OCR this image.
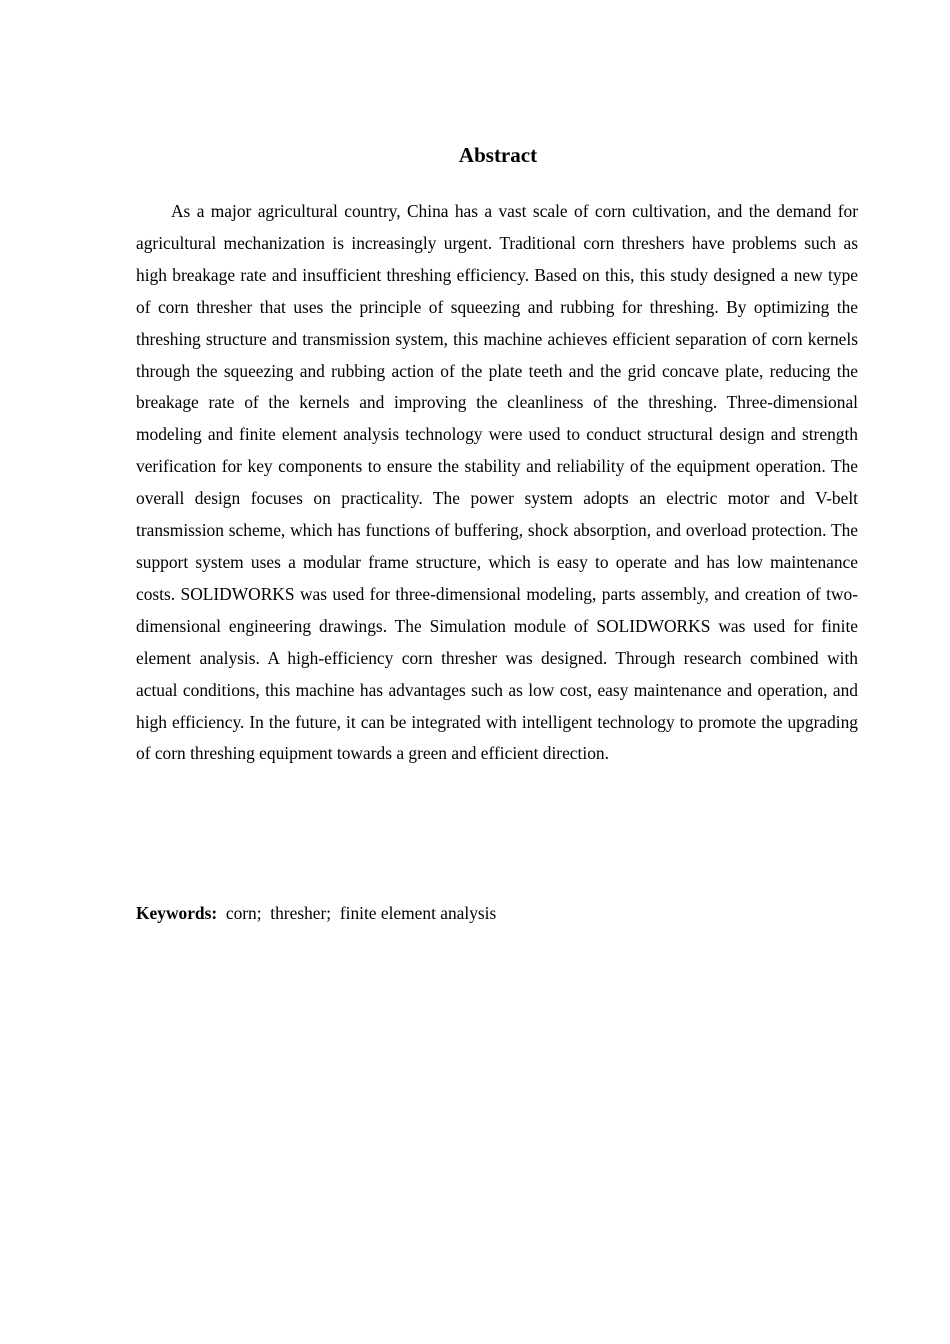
Abstract

As a major agricultural country, China has a vast scale of corn cultivation, and the demand for agricultural mechanization is increasingly urgent. Traditional corn threshers have problems such as high breakage rate and insufficient threshing efficiency. Based on this, this study designed a new type of corn thresher that uses the principle of squeezing and rubbing for threshing. By optimizing the threshing structure and transmission system, this machine achieves efficient separation of corn kernels through the squeezing and rubbing action of the plate teeth and the grid concave plate, reducing the breakage rate of the kernels and improving the cleanliness of the threshing. Three-dimensional modeling and finite element analysis technology were used to conduct structural design and strength verification for key components to ensure the stability and reliability of the equipment operation. The overall design focuses on practicality. The power system adopts an electric motor and V-belt transmission scheme, which has functions of buffering, shock absorption, and overload protection. The support system uses a modular frame structure, which is easy to operate and has low maintenance costs. SOLIDWORKS was used for three-dimensional modeling, parts assembly, and creation of two-dimensional engineering drawings. The Simulation module of SOLIDWORKS was used for finite element analysis. A high-efficiency corn thresher was designed. Through research combined with actual conditions, this machine has advantages such as low cost, easy maintenance and operation, and high efficiency. In the future, it can be integrated with intelligent technology to promote the upgrading of corn threshing equipment towards a green and efficient direction.

Keywords:  corn;  thresher;  finite element analysis
